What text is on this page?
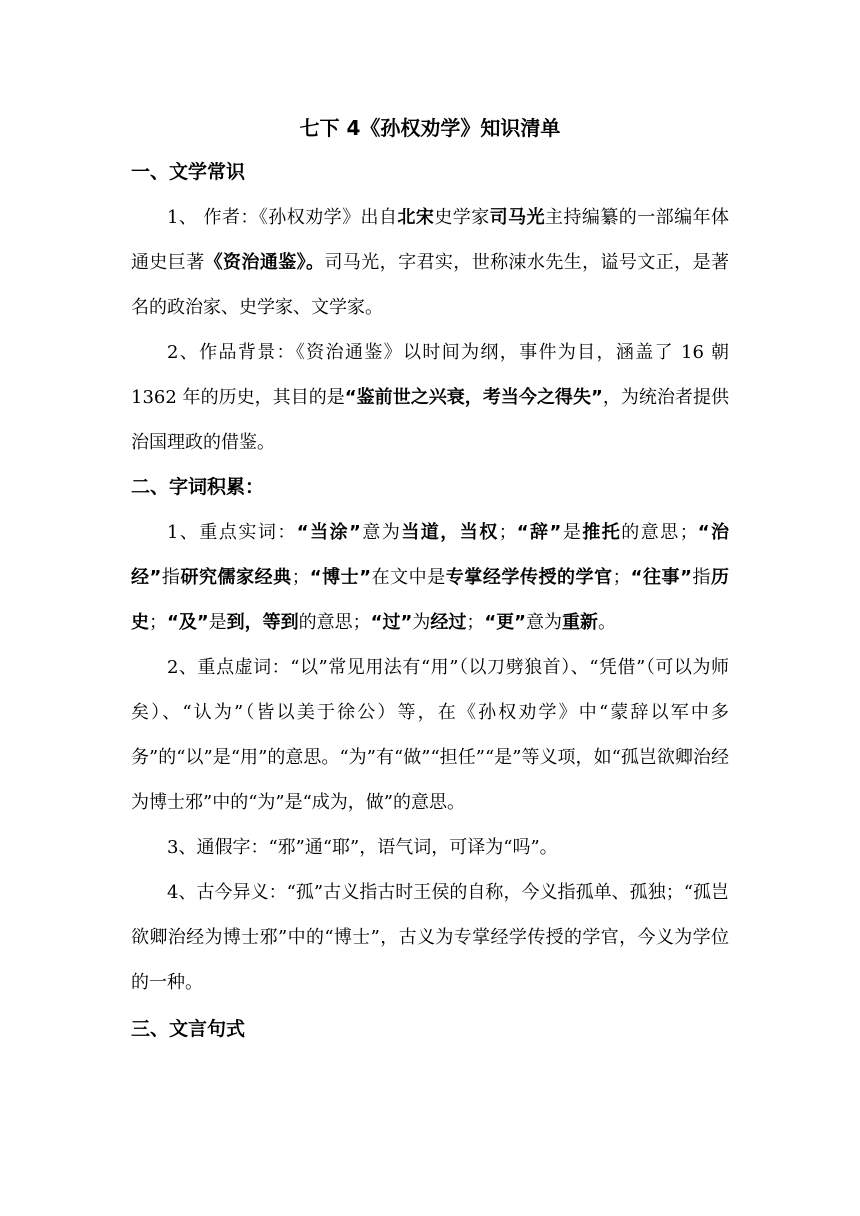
七下 4《孙权劝学》知识清单
一、文学常识

1、 作者：《孙权劝学》出自北宋史学家司马光主持编纂的一部编年体通史巨著《资治通鉴》。司马光，字君实，世称涑水先生，谥号文正，是著名的政治家、史学家、文学家。

2、作品背景：《资治通鉴》以时间为纲，事件为目，涵盖了 16 朝 1362 年的历史，其目的是“鉴前世之兴衰，考当今之得失”，为统治者提供治国理政的借鉴。

二、字词积累：

1、重点实词：“当涂”意为当道，当权；“辞”是推托的意思；“治经”指研究儒家经典；“博士”在文中是专掌经学传授的学官；“往事”指历史；“及”是到，等到的意思；“过”为经过；“更”意为重新。

2、重点虚词：“以”常见用法有“用”（以刀劈狼首）、“凭借”（可以为师矣）、“认为”（皆以美于徐公）等，在《孙权劝学》中“蒙辞以军中多务”的“以”是“用”的意思。“为”有“做”“担任”“是”等义项，如“孤岂欲卿治经为博士邪”中的“为”是“成为，做”的意思。

3、通假字：“邪”通“耶”，语气词，可译为“吗”。

4、古今异义：“孤”古义指古时王侯的自称，今义指孤单、孤独；“孤岂欲卿治经为博士邪”中的“博士”，古义为专掌经学传授的学官，今义为学位的一种。

三、文言句式
